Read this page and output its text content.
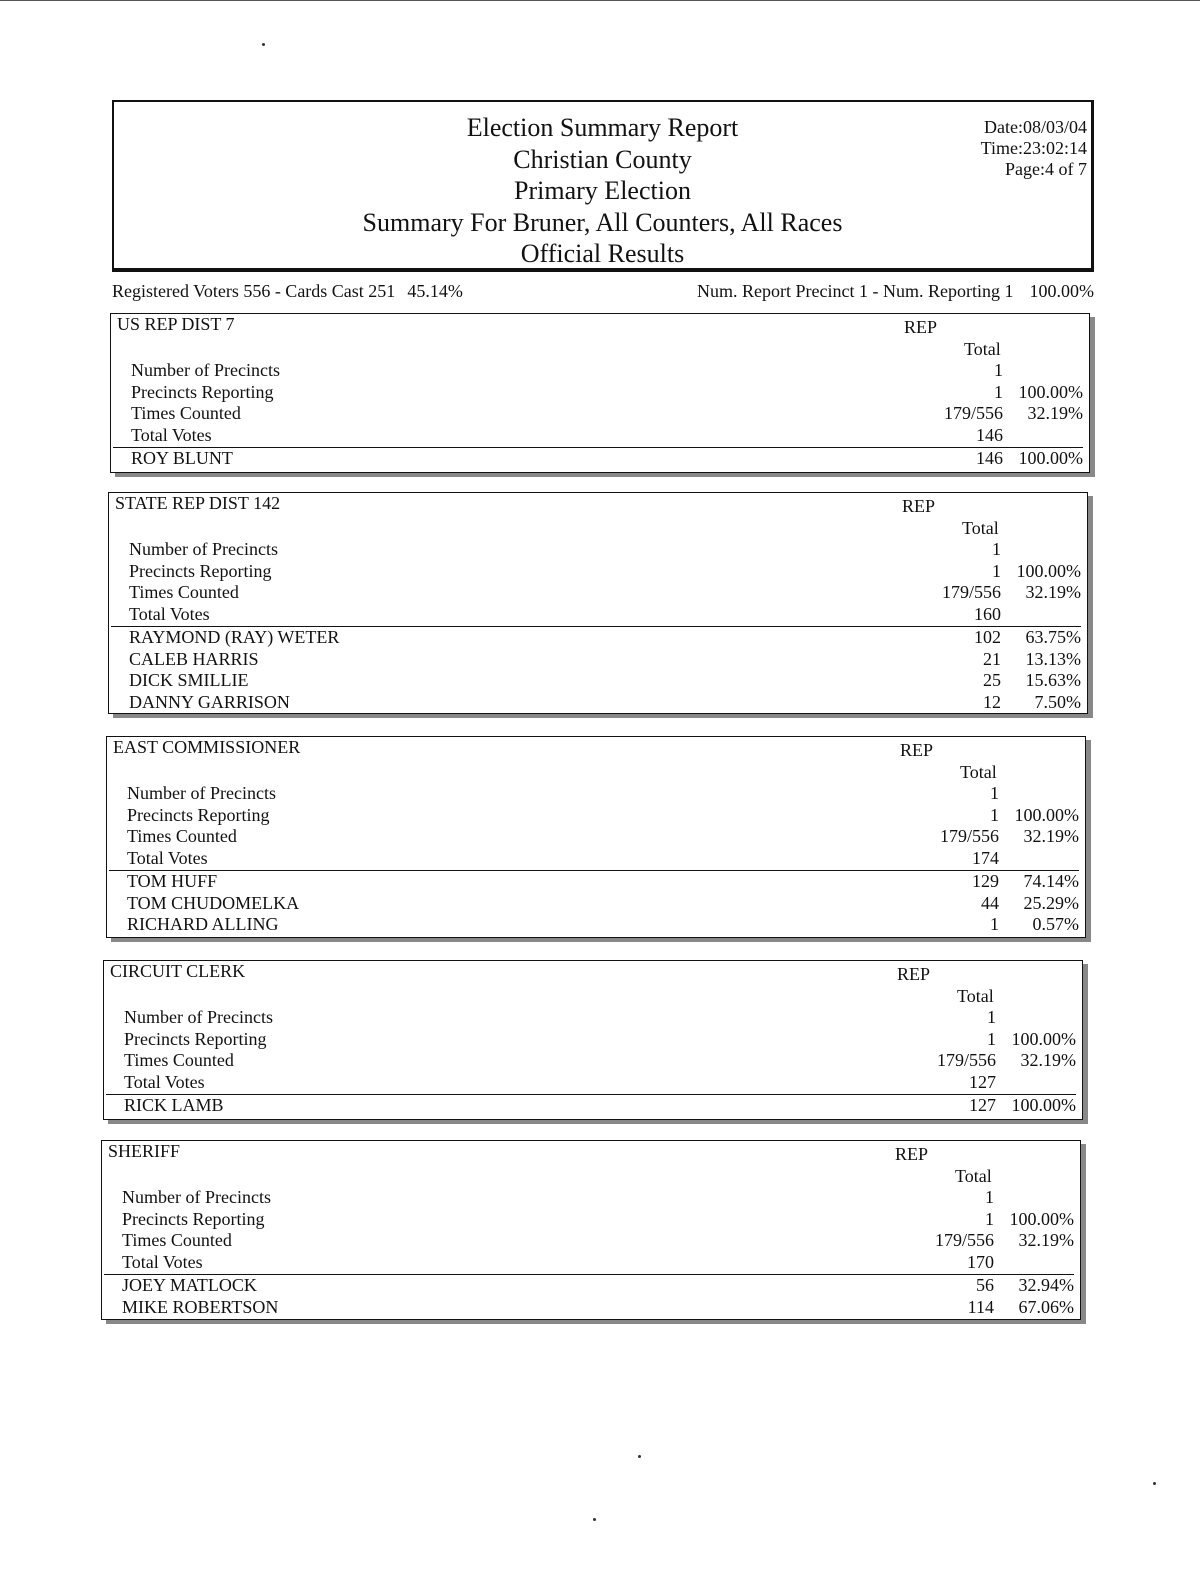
Election Summary Report
Christian County
Primary Election
Summary For Bruner, All Counters, All Races
Official Results
Date:08/03/04
Time:23:02:14
Page:4 of 7
Registered Voters 556 - Cards Cast 251 45.14%	Num. Report Precinct 1 - Num. Reporting 1 100.00%
US REP DIST 7	REP
Total
Number of Precincts	1
Precincts Reporting	1 100.00%
Times Counted	179/556 32.19%
Total Votes	146
ROY BLUNT	146 100.00%
STATE REP DIST 142	REP
Total
Number of Precincts	1
Precincts Reporting	1 100.00%
Times Counted	179/556 32.19%
Total Votes	160
RAYMOND (RAY) WETER	102 63.75%
CALEB HARRIS	21 13.13%
DICK SMILLIE	25 15.63%
DANNY GARRISON	12 7.50%
EAST COMMISSIONER	REP
Total
Number of Precincts	1
Precincts Reporting	1 100.00%
Times Counted	179/556 32.19%
Total Votes	174
TOM HUFF	129 74.14%
TOM CHUDOMELKA	44 25.29%
RICHARD ALLING	1 0.57%
CIRCUIT CLERK	REP
Total
Number of Precincts	1
Precincts Reporting	1 100.00%
Times Counted	179/556 32.19%
Total Votes	127
RICK LAMB	127 100.00%
SHERIFF	REP
Total
Number of Precincts	1
Precincts Reporting	1 100.00%
Times Counted	179/556 32.19%
Total Votes	170
JOEY MATLOCK	56 32.94%
MIKE ROBERTSON	114 67.06%
